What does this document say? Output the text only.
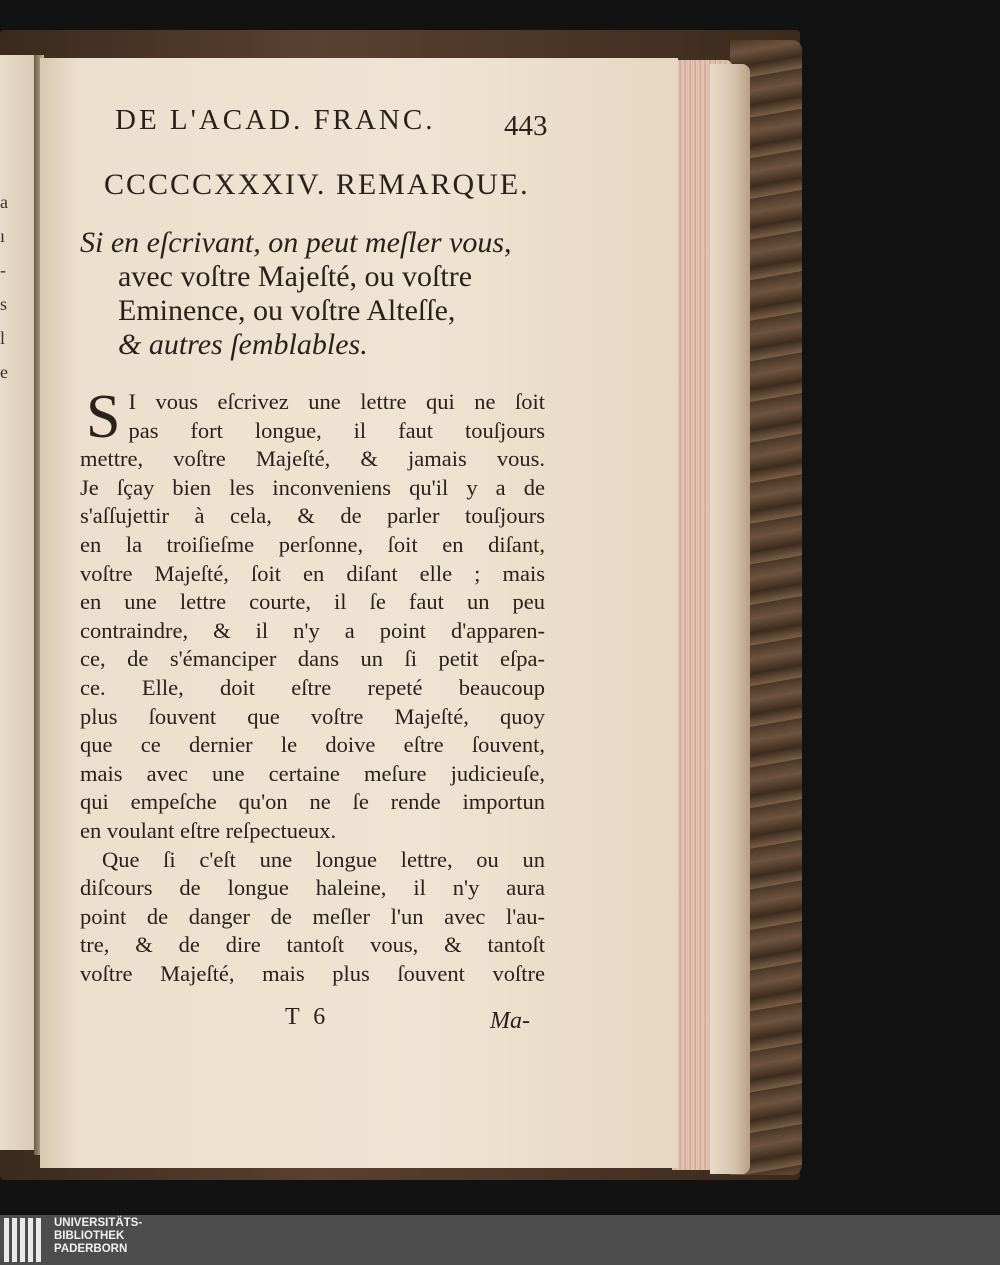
a
ı
-
s
l
e
DE L'ACAD. FRANC. 443
CCCCCXXXIV. REMARQUE.
Si en eſcrivant, on peut meſler vous,
avec voſtre Majeſté, ou voſtre
Eminence, ou voſtre Alteſſe,
& autres ſemblables.
S I vous eſcrivez une lettre qui ne ſoit
pas fort longue, il faut touſjours
mettre, voſtre Majeſté, & jamais vous.
Je ſçay bien les inconveniens qu'il y a de
s'aſſujettir à cela, & de parler touſjours
en la troiſieſme perſonne, ſoit en diſant,
voſtre Majeſté, ſoit en diſant elle ; mais
en une lettre courte, il ſe faut un peu
contraindre, & il n'y a point d'apparen-
ce, de s'émanciper dans un ſi petit eſpa-
ce. Elle, doit eſtre repeté beaucoup
plus ſouvent que voſtre Majeſté, quoy
que ce dernier le doive eſtre ſouvent,
mais avec une certaine meſure judicieuſe,
qui empeſche qu'on ne ſe rende importun
en voulant eſtre reſpectueux.
Que ſi c'eſt une longue lettre, ou un
diſcours de longue haleine, il n'y aura
point de danger de meſler l'un avec l'au-
tre, & de dire tantoſt vous, & tantoſt
voſtre Majeſté, mais plus ſouvent voſtre
T 6	Ma-
UNIVERSITÄTS-
BIBLIOTHEK
PADERBORN
